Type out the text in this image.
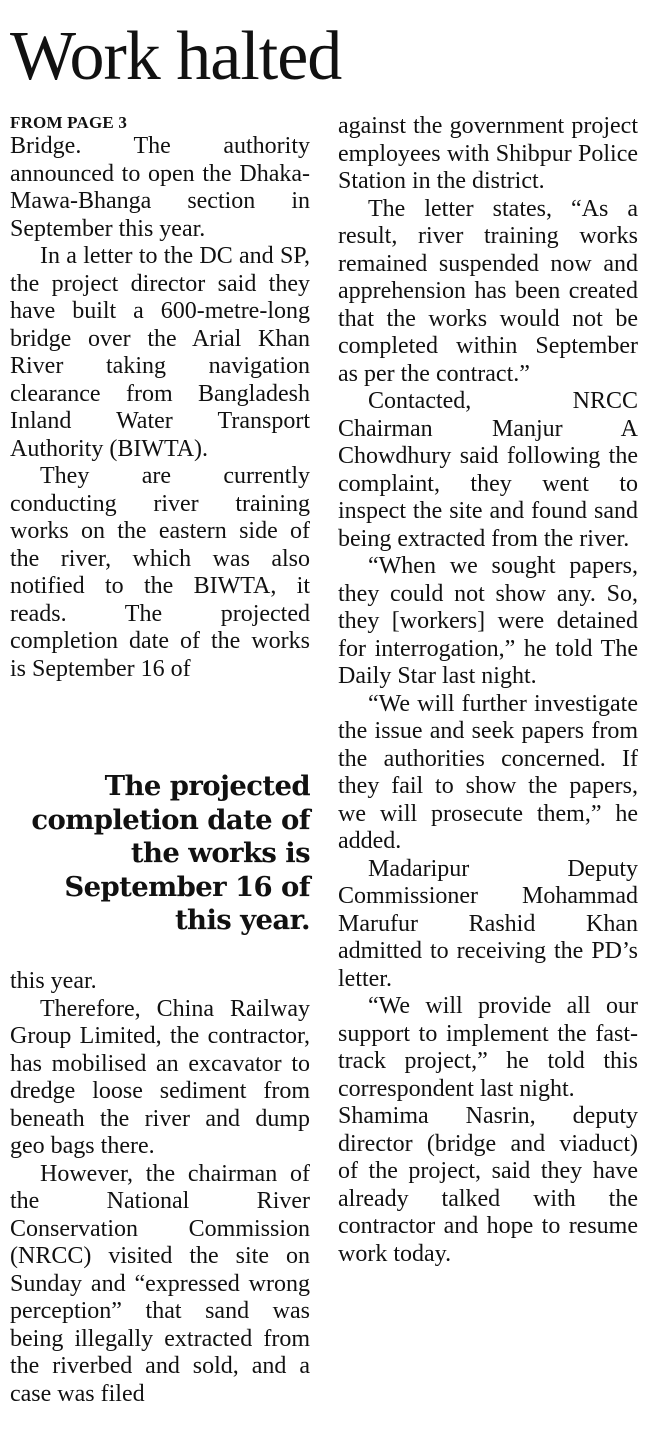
Work halted

FROM PAGE 3

Bridge. The authority announced to open the Dhaka-Mawa-Bhanga section in September this year.

In a letter to the DC and SP, the project director said they have built a 600-metre-long bridge over the Arial Khan River taking navigation clearance from Bangladesh Inland Water Transport Authority (BIWTA).

They are currently conducting river training works on the eastern side of the river, which was also notified to the BIWTA, it reads. The projected completion date of the works is September 16 of

The projected completion date of the works is September 16 of this year.

this year.

Therefore, China Railway Group Limited, the contractor, has mobilised an excavator to dredge loose sediment from beneath the river and dump geo bags there.

However, the chairman of the National River Conservation Commission (NRCC) visited the site on Sunday and “expressed wrong perception” that sand was being illegally extracted from the riverbed and sold, and a case was filed

against the government project employees with Shibpur Police Station in the district.

The letter states, “As a result, river training works remained suspended now and apprehension has been created that the works would not be completed within September as per the contract.”

Contacted, NRCC Chairman Manjur A Chowdhury said following the complaint, they went to inspect the site and found sand being extracted from the river.

“When we sought papers, they could not show any. So, they [workers] were detained for interrogation,” he told The Daily Star last night.

“We will further investigate the issue and seek papers from the authorities concerned. If they fail to show the papers, we will prosecute them,” he added.

Madaripur Deputy Commissioner Mohammad Marufur Rashid Khan admitted to receiving the PD’s letter.

“We will provide all our support to implement the fast-track project,” he told this correspondent last night.

Shamima Nasrin, deputy director (bridge and viaduct) of the project, said they have already talked with the contractor and hope to resume work today.
